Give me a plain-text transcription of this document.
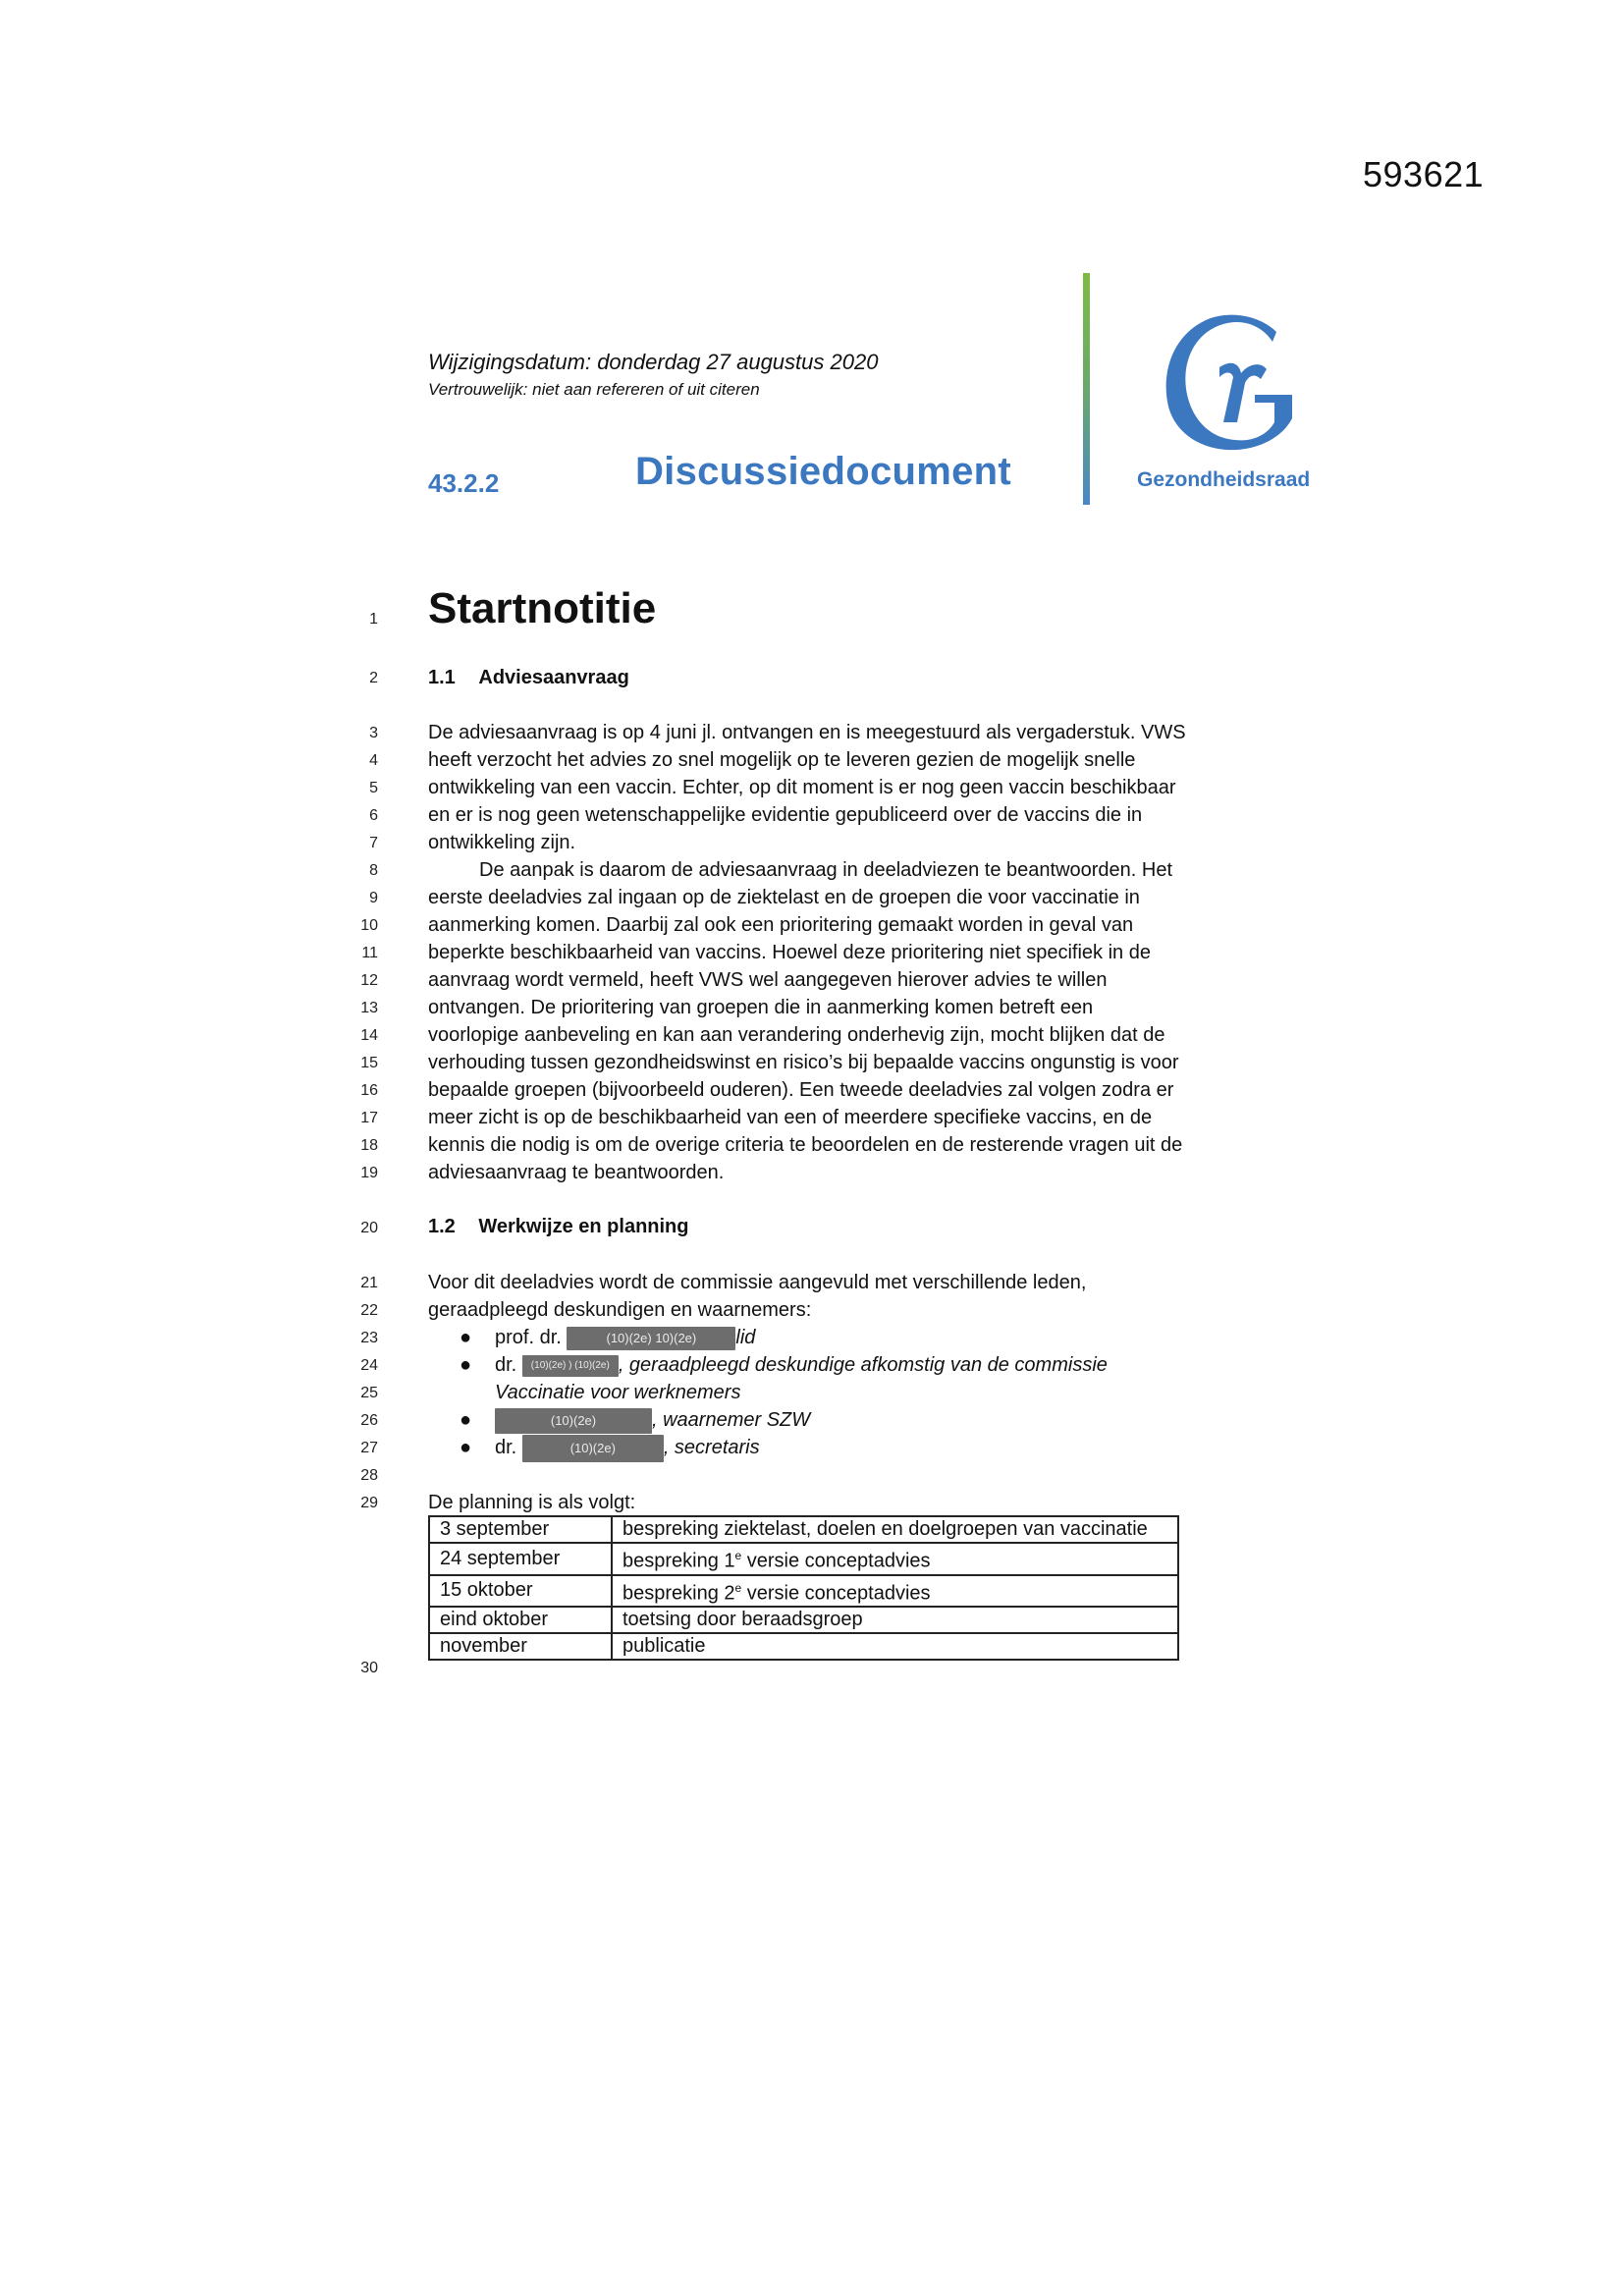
593621
Wijzigingsdatum: donderdag 27 augustus 2020
Vertrouwelijk: niet aan refereren of uit citeren
43.2.2	Discussiedocument	Gezondheidsraad
Startnotitie
1
2
3
4
5
6
7
8
9
10
11
12
13
14
15
16
17
18
19
20
21
22
23
24
25
26
27
28
29
30
1.1 Adviesaanvraag
De adviesaanvraag is op 4 juni jl. ontvangen en is meegestuurd als vergaderstuk. VWS
heeft verzocht het advies zo snel mogelijk op te leveren gezien de mogelijk snelle
ontwikkeling van een vaccin. Echter, op dit moment is er nog geen vaccin beschikbaar
en er is nog geen wetenschappelijke evidentie gepubliceerd over de vaccins die in
ontwikkeling zijn.
De aanpak is daarom de adviesaanvraag in deeladviezen te beantwoorden. Het
eerste deeladvies zal ingaan op de ziektelast en de groepen die voor vaccinatie in
aanmerking komen. Daarbij zal ook een prioritering gemaakt worden in geval van
beperkte beschikbaarheid van vaccins. Hoewel deze prioritering niet specifiek in de
aanvraag wordt vermeld, heeft VWS wel aangegeven hierover advies te willen
ontvangen. De prioritering van groepen die in aanmerking komen betreft een
voorlopige aanbeveling en kan aan verandering onderhevig zijn, mocht blijken dat de
verhouding tussen gezondheidswinst en risico’s bij bepaalde vaccins ongunstig is voor
bepaalde groepen (bijvoorbeeld ouderen). Een tweede deeladvies zal volgen zodra er
meer zicht is op de beschikbaarheid van een of meerdere specifieke vaccins, en de
kennis die nodig is om de overige criteria te beoordelen en de resterende vragen uit de
adviesaanvraag te beantwoorden.
1.2 Werkwijze en planning
Voor dit deeladvies wordt de commissie aangevuld met verschillende leden,
geraadpleegd deskundigen en waarnemers:
● prof. dr.	(10)(2e) 10)(2e) lid
● dr. (10)(2e) ) (10)(2e) , geraadpleegd deskundige afkomstig van de commissie
Vaccinatie voor werknemers
●	(10)(2e)	, waarnemer SZW
● dr.	(10)(2e) , secretaris
De planning is als volgt:
3 september	bespreking ziektelast, doelen en doelgroepen van vaccinatie
24 september	bespreking 1e versie conceptadvies
15 oktober	bespreking 2e versie conceptadvies
eind oktober	toetsing door beraadsgroep
november	publicatie
